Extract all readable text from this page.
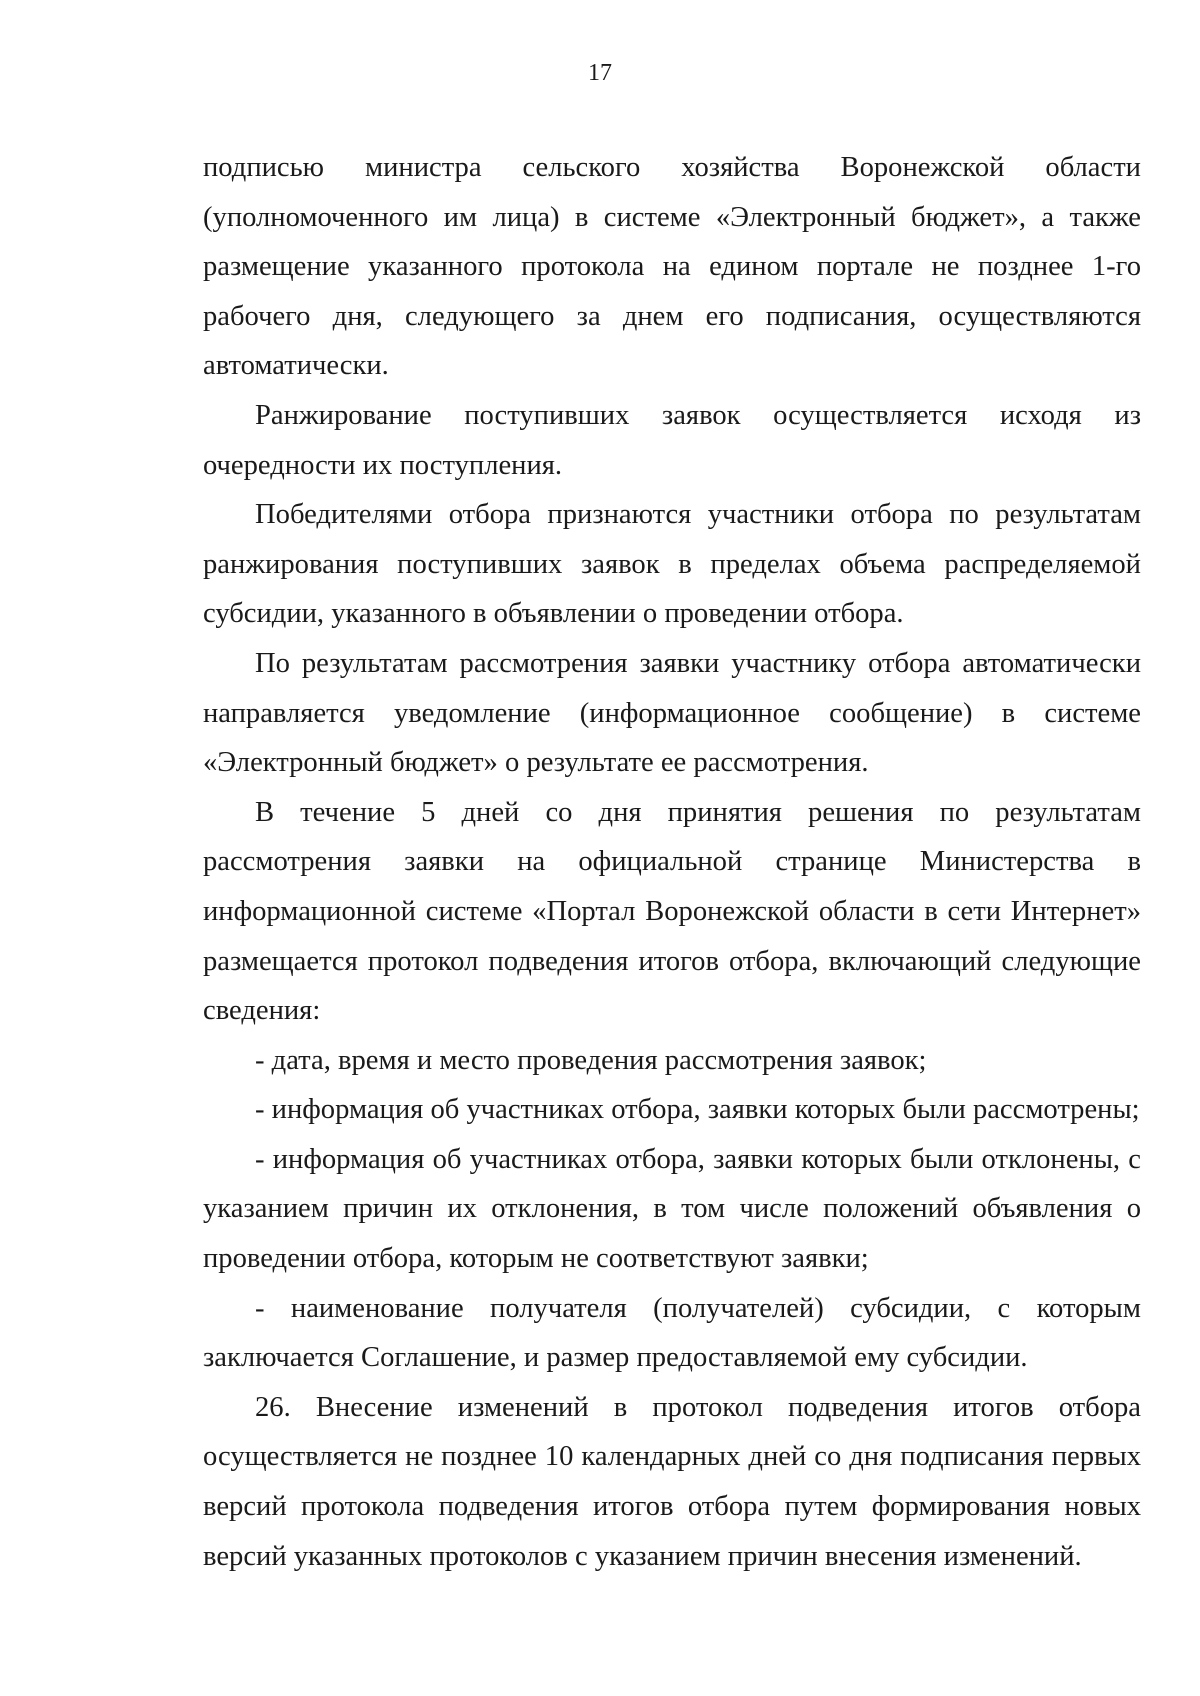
17

подписью министра сельского хозяйства Воронежской области (уполномоченного им лица) в системе «Электронный бюджет», а также размещение указанного протокола на едином портале не позднее 1-го рабочего дня, следующего за днем его подписания, осуществляются автоматически.

Ранжирование поступивших заявок осуществляется исходя из очередности их поступления.

Победителями отбора признаются участники отбора по результатам ранжирования поступивших заявок в пределах объема распределяемой субсидии, указанного в объявлении о проведении отбора.

По результатам рассмотрения заявки участнику отбора автоматически направляется уведомление (информационное сообщение) в системе «Электронный бюджет» о результате ее рассмотрения.

В течение 5 дней со дня принятия решения по результатам рассмотрения заявки на официальной странице Министерства в информационной системе «Портал Воронежской области в сети Интернет» размещается протокол подведения итогов отбора, включающий следующие сведения:

- дата, время и место проведения рассмотрения заявок;

- информация об участниках отбора, заявки которых были рассмотрены;

- информация об участниках отбора, заявки которых были отклонены, с указанием причин их отклонения, в том числе положений объявления о проведении отбора, которым не соответствуют заявки;

- наименование получателя (получателей) субсидии, с которым заключается Соглашение, и размер предоставляемой ему субсидии.

26. Внесение изменений в протокол подведения итогов отбора осуществляется не позднее 10 календарных дней со дня подписания первых версий протокола подведения итогов отбора путем формирования новых версий указанных протоколов с указанием причин внесения изменений.
